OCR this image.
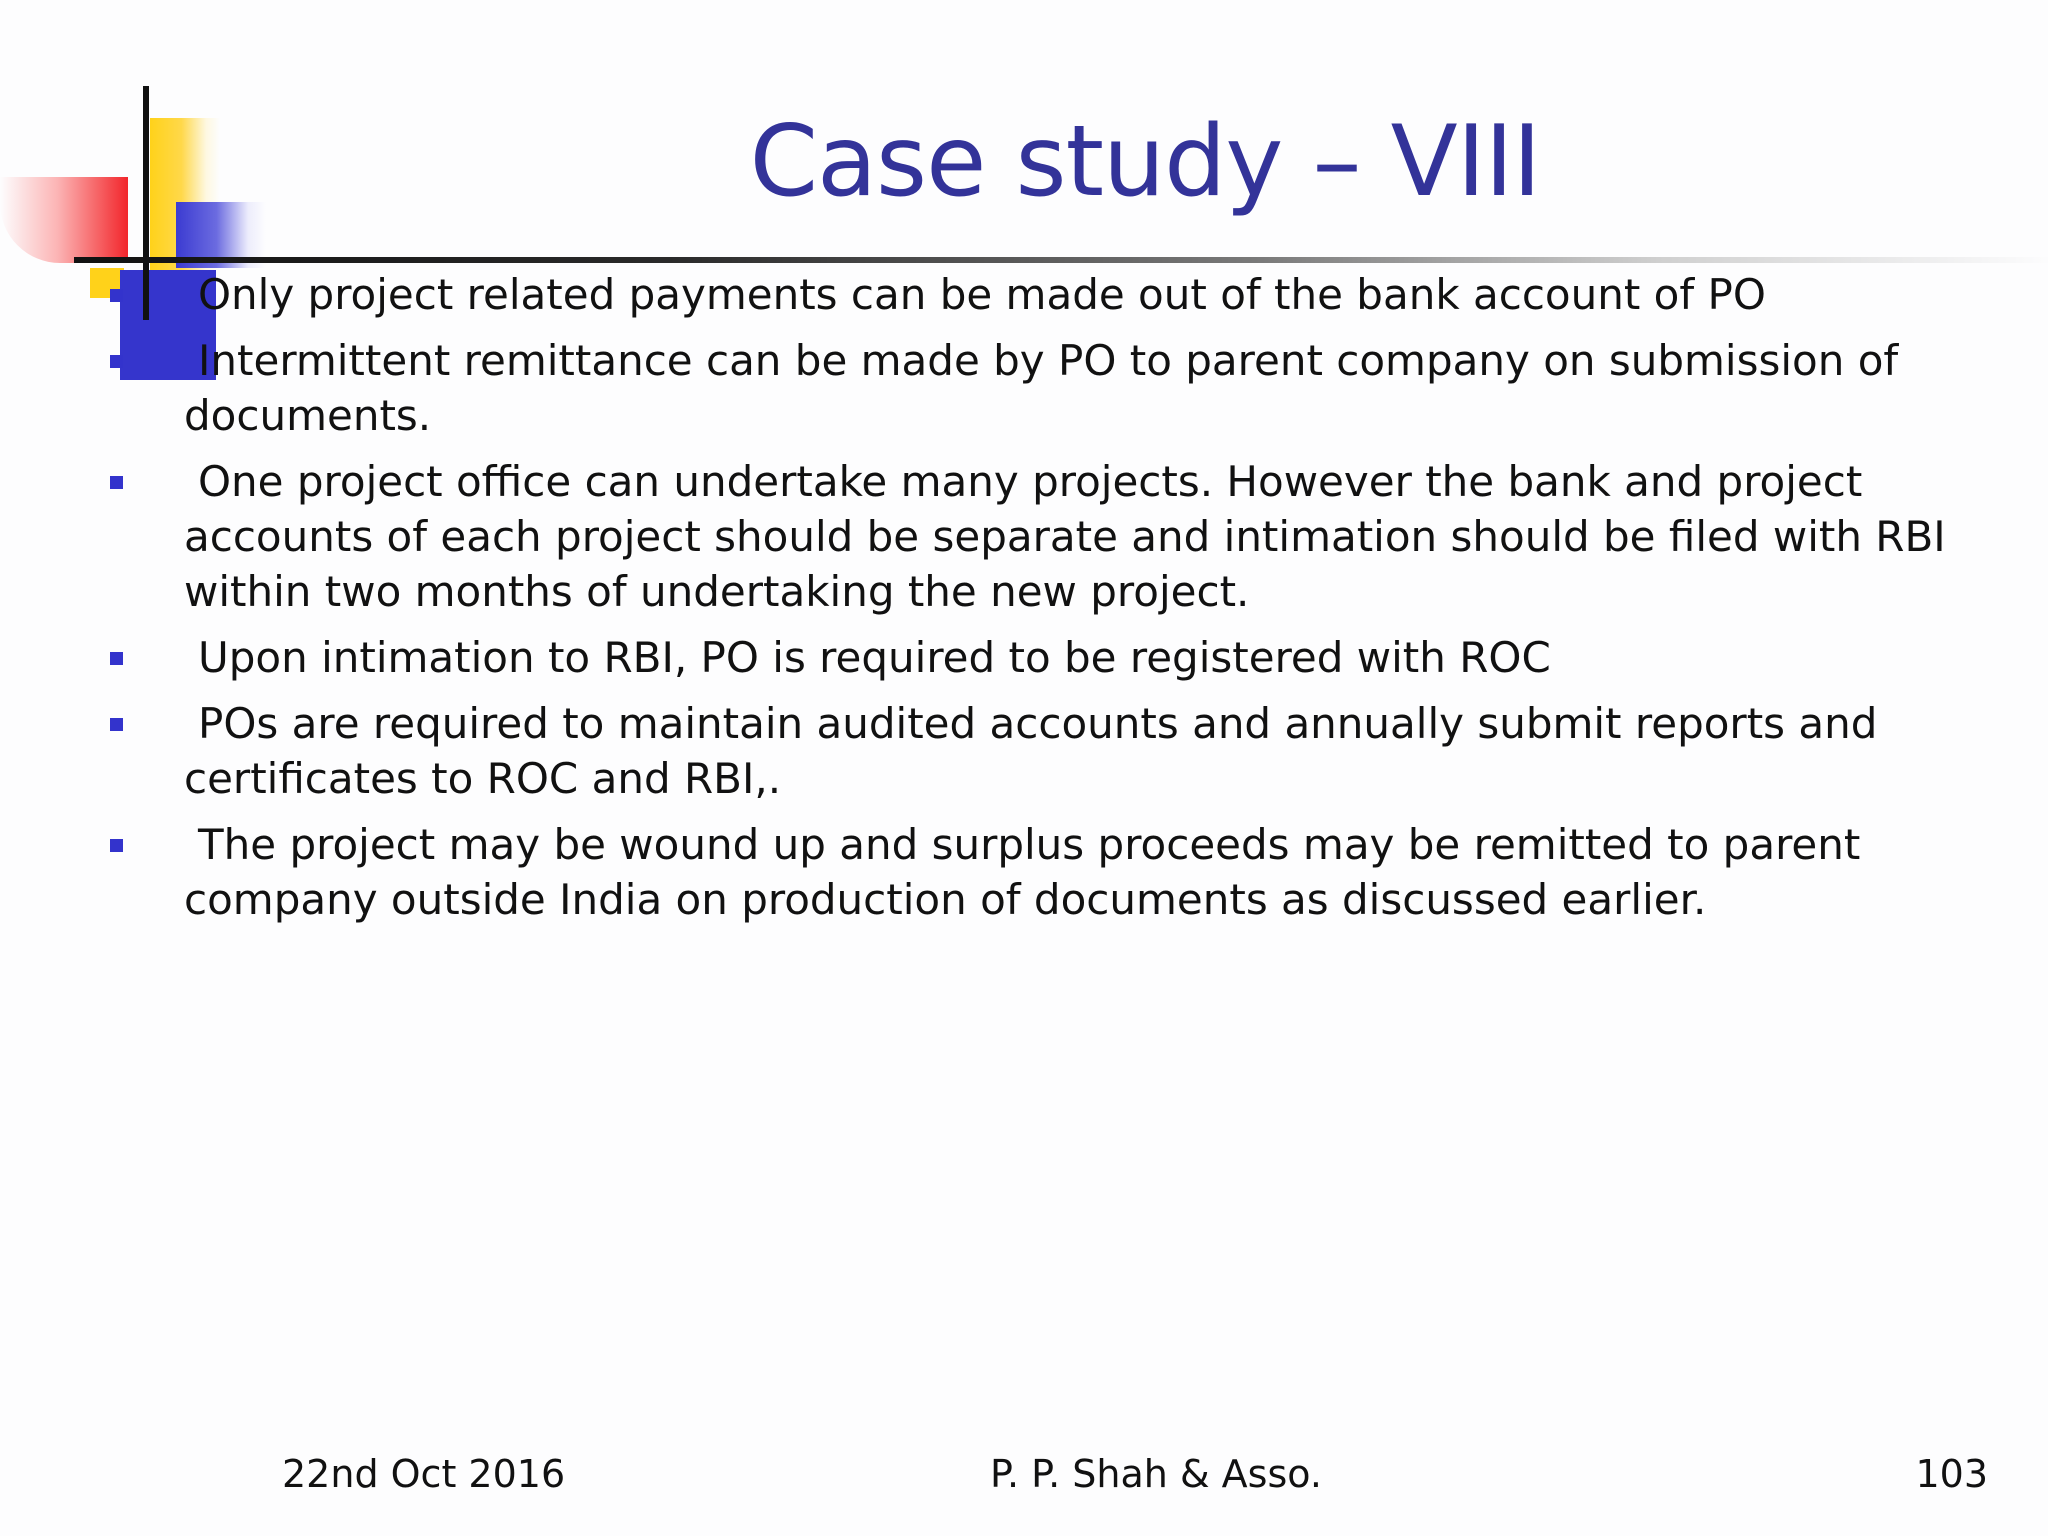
Case study – VIII
Only project related payments can be made out of the bank account of PO
Intermittent remittance can be made by PO to parent company on submission of documents.
One project office can undertake many projects. However the bank and project accounts of each project should be separate and intimation should be filed with RBI within two months of undertaking the new project.
Upon intimation to RBI, PO is required to be registered with ROC
POs are required to maintain audited accounts and annually submit reports and certificates to ROC and RBI,.
The project may be wound up and surplus proceeds may be remitted to parent company outside India on production of documents as discussed earlier.
22nd Oct 2016	P. P. Shah & Asso.	103
